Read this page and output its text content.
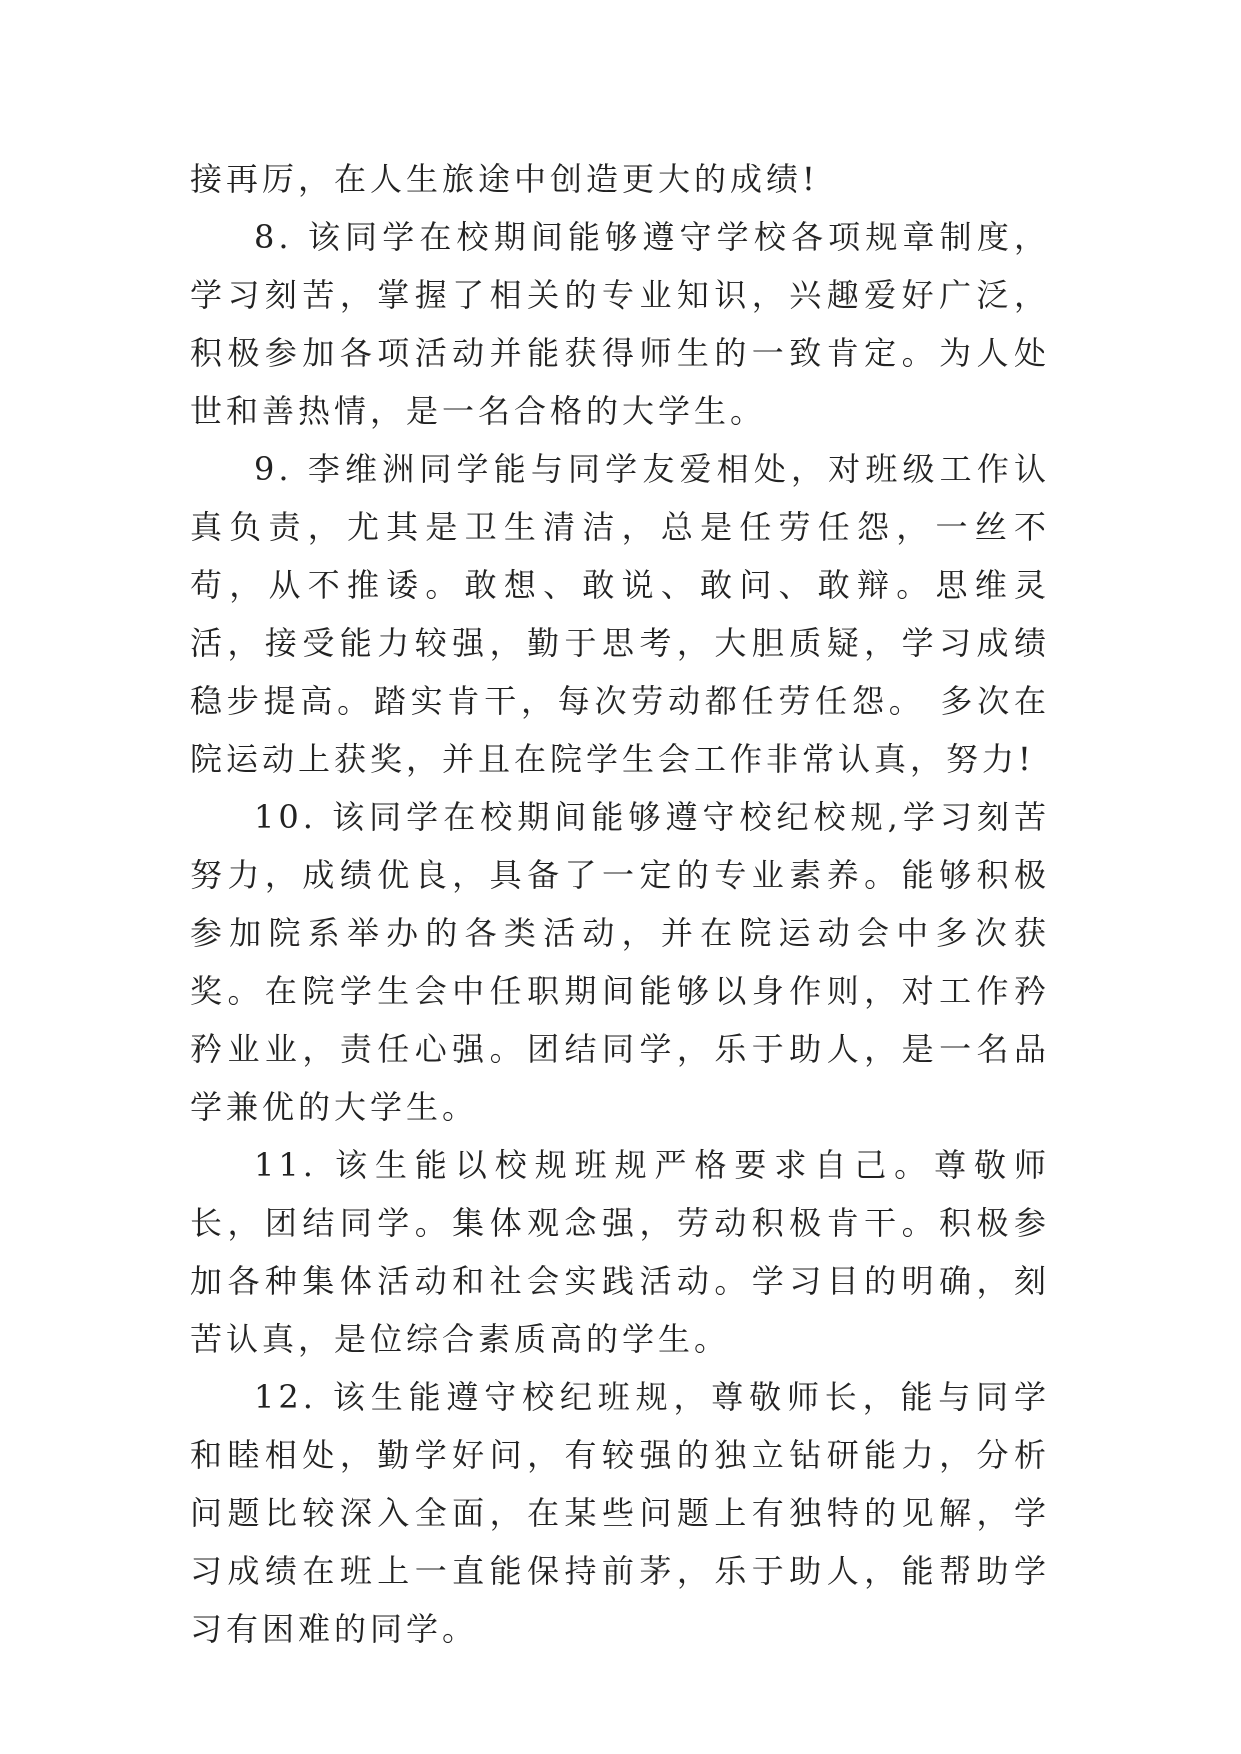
接再厉，在人生旅途中创造更大的成绩!

8. 该同学在校期间能够遵守学校各项规章制度，学习刻苦，掌握了相关的专业知识，兴趣爱好广泛，积极参加各项活动并能获得师生的一致肯定。为人处世和善热情，是一名合格的大学生。

9. 李维洲同学能与同学友爱相处，对班级工作认真负责，尤其是卫生清洁，总是任劳任怨，一丝不苟，从不推诿。敢想、敢说、敢问、敢辩。思维灵活，接受能力较强，勤于思考，大胆质疑，学习成绩稳步提高。踏实肯干，每次劳动都任劳任怨。 多次在院运动上获奖，并且在院学生会工作非常认真，努力!

10. 该同学在校期间能够遵守校纪校规,学习刻苦努力，成绩优良，具备了一定的专业素养。能够积极参加院系举办的各类活动，并在院运动会中多次获奖。在院学生会中任职期间能够以身作则，对工作矜矜业业，责任心强。团结同学，乐于助人，是一名品学兼优的大学生。

11. 该生能以校规班规严格要求自己。尊敬师长，团结同学。集体观念强，劳动积极肯干。积极参加各种集体活动和社会实践活动。学习目的明确，刻苦认真，是位综合素质高的学生。

12. 该生能遵守校纪班规，尊敬师长，能与同学和睦相处，勤学好问，有较强的独立钻研能力，分析问题比较深入全面，在某些问题上有独特的见解，学习成绩在班上一直能保持前茅，乐于助人，能帮助学习有困难的同学。
